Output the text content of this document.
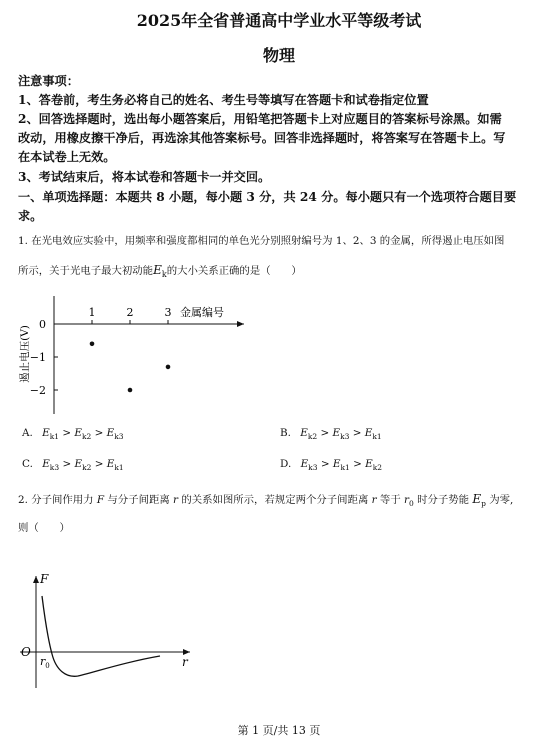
2025年全省普通高中学业水平等级考试
物理
注意事项：
1、答卷前，考生务必将自己的姓名、考生号等填写在答题卡和试卷指定位置
2、回答选择题时，选出每小题答案后，用铅笔把答题卡上对应题目的答案标号涂黑。如需
改动，用橡皮擦干净后，再选涂其他答案标号。回答非选择题时，将答案写在答题卡上。写
在本试卷上无效。
3、考试结束后，将本试卷和答题卡一并交回。
一、单项选择题：本题共 8 小题，每小题 3 分，共 24 分。每小题只有一个选项符合题目要
求。
1. 在光电效应实验中，用频率和强度都相同的单色光分别照射编号为 1、2、3 的金属，所得遏止电压如图
所示，关于光电子最大初动能$E_k$的大小关系正确的是（　　）
1	2	3
0
−1
−2
金属编号
遏止电压(V)
A. $E_{k1} > E_{k2} > E_{k3}$	B. $E_{k2} > E_{k3} > E_{k1}$
C. $E_{k3} > E_{k2} > E_{k1}$	D. $E_{k3} > E_{k1} > E_{k2}$
2. 分子间作用力 F 与分子间距离 r 的关系如图所示，若规定两个分子间距离 r 等于 $r_0$ 时分子势能 $E_p$ 为零,
则（　　）
F
O
r
$r_0$
第 1 页/共 13 页
